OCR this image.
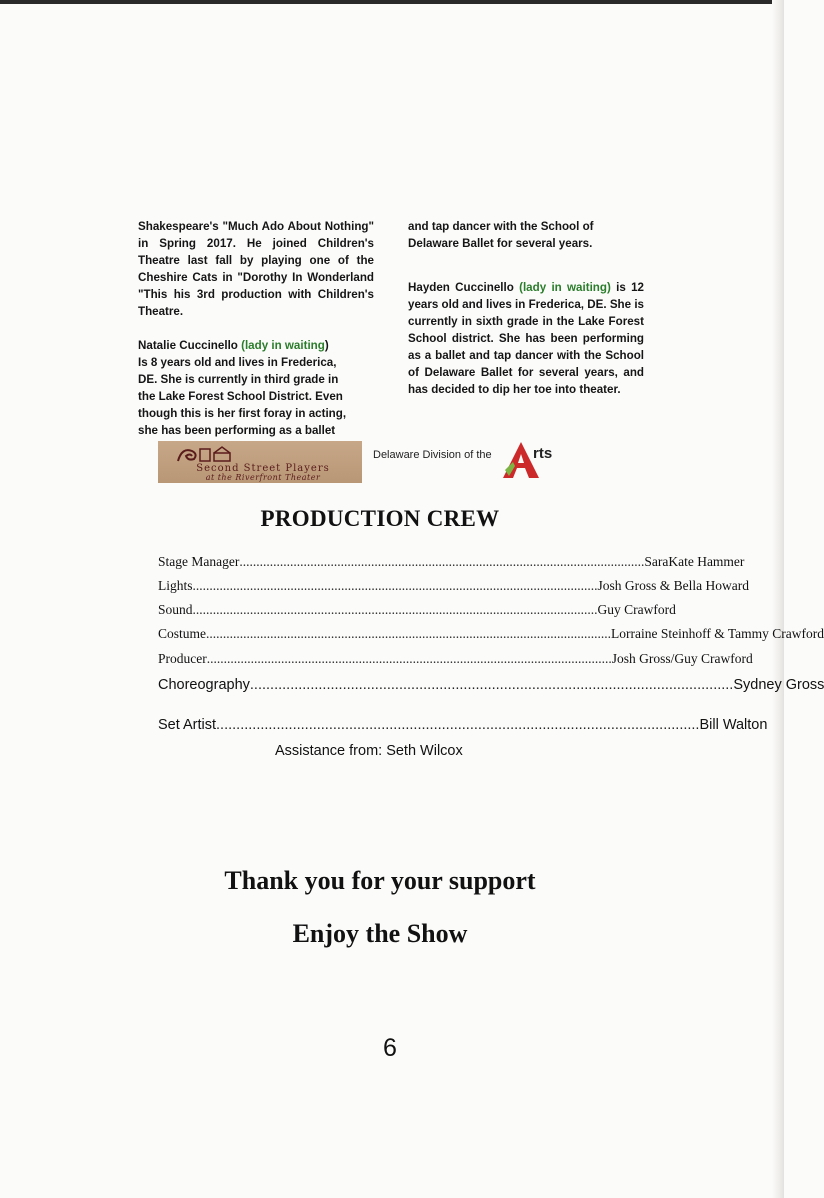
Shakespeare's "Much Ado About Nothing" in Spring 2017. He joined Children's Theatre last fall by playing one of the Cheshire Cats in "Dorothy In Wonderland "This his 3rd production with Children's Theatre.

Natalie Cuccinello (lady in waiting)
Is 8 years old and lives in Frederica,
DE. She is currently in third grade in
the Lake Forest School District. Even
though this is her first foray in acting,
she has been performing as a ballet

and tap dancer with the School of Delaware Ballet for several years.

Hayden Cuccinello (lady in waiting) is 12 years old and lives in Frederica, DE. She is currently in sixth grade in the Lake Forest School district. She has been performing as a ballet and tap dancer with the School of Delaware Ballet for several years, and has decided to dip her toe into theater.

Second Street Players
at the Riverfront Theater
Delaware Division of the	rts
PRODUCTION CREW
Stage Manager ........................................................................................................................ SaraKate Hammer
Lights ........................................................................................................................ Josh Gross & Bella Howard
Sound ........................................................................................................................ Guy Crawford
Costume ........................................................................................................................ Lorraine Steinhoff & Tammy Crawford
Producer ........................................................................................................................ Josh Gross/Guy Crawford
Choreography ........................................................................................................................ Sydney Gross
Set Artist ........................................................................................................................ Bill Walton
Assistance from: Seth Wilcox
Thank you for your support
Enjoy the Show
6
